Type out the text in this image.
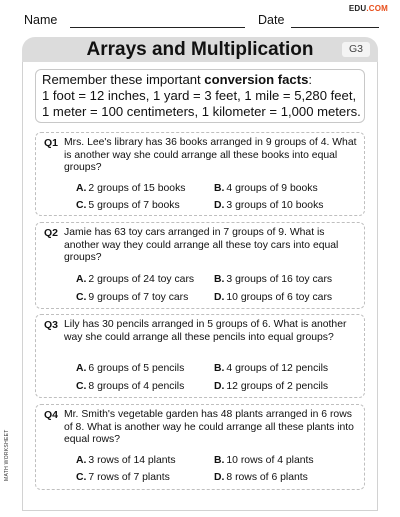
EDU.COM
Name	Date
Arrays and Multiplication	G3
Remember these important conversion facts:
1 foot = 12 inches, 1 yard = 3 feet, 1 mile = 5,280 feet,
1 meter = 100 centimeters, 1 kilometer = 1,000 meters.
Q1 Mrs. Lee's library has 36 books arranged in 9 groups of 4. What is another way she could arrange all these books into equal groups?
A. 2 groups of 15 books	B. 4 groups of 9 books
C. 5 groups of 7 books	D. 3 groups of 10 books
Q2 Jamie has 63 toy cars arranged in 7 groups of 9. What is another way they could arrange all these toy cars into equal groups?
A. 2 groups of 24 toy cars B. 3 groups of 16 toy cars
C. 9 groups of 7 toy cars D. 10 groups of 6 toy cars
Q3 Lily has 30 pencils arranged in 5 groups of 6. What is another way she could arrange all these pencils into equal groups?
A. 6 groups of 5 pencils	B. 4 groups of 12 pencils
C. 8 groups of 4 pencils	D. 12 groups of 2 pencils
Q4 Mr. Smith's vegetable garden has 48 plants arranged in 6 rows of 8. What is another way he could arrange all these plants into equal rows?
A. 3 rows of 14 plants	B. 10 rows of 4 plants
C. 7 rows of 7 plants	D. 8 rows of 6 plants
MATH WORKSHEET
